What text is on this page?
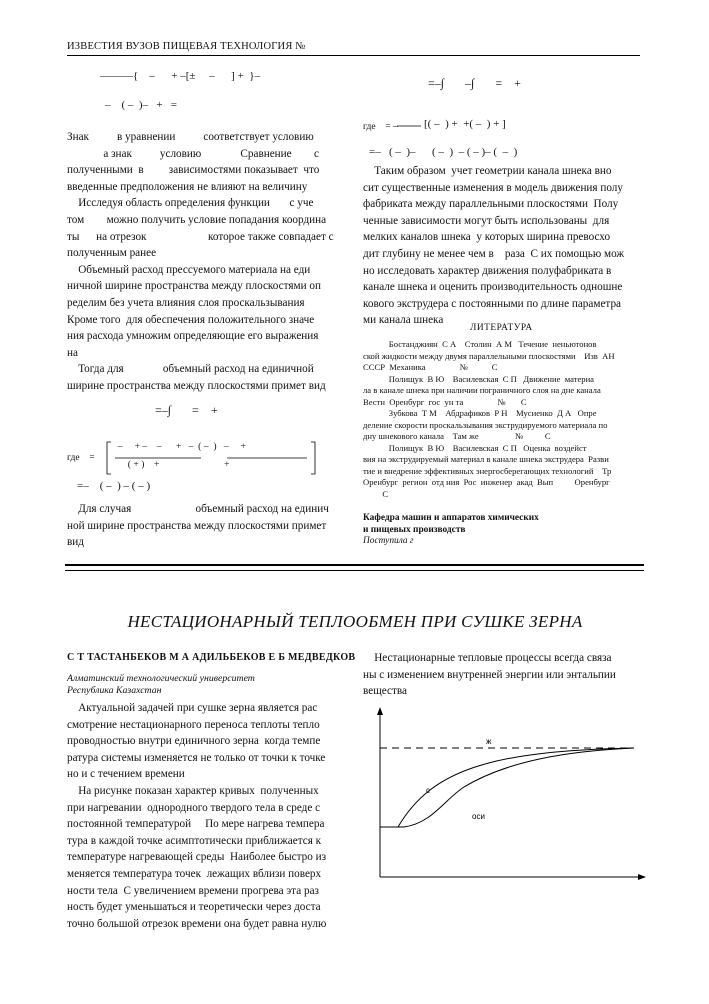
ИЗВЕСТИЯ ВУЗОВ ПИЩЕВАЯ ТЕХНОЛОГИЯ №
———{    –      + –[±     –      ] +  }–
–    ( –  )–   +   =
Знак          в уравнении          соответствует условию
а знак          условию              Сравнение        с
полученными  в         зависимостями показывает  что
введенные предположения не влияют на величину
Исследуя область определения функции       с уче
том        можно получить условие попадания координа
ты      на отрезок                      которое также совпадает с
полученным ранее
Объемный расход прессуемого материала на еди
ничной ширине пространства между плоскостями оп
ределим без учета влияния слоя проскальзывания
Кроме того  для обеспечения положительного значе
ния расхода умножим определяющие его выражения
на
Тогда для              объемный расход на единичной
ширине пространства между плоскостями примет вид
=–∫       =    +
где    =
–     + –    –      +   –  ( –  )   –     +
( + )    +                           +
=–    ( –  ) – ( – )
Для случая                       объемный расход на единич
ной ширине пространства между плоскостями примет
вид
=–∫       –∫       =    +
где    = – [( –  ) +  +( –  ) + ]
=–   ( –  )–      ( –  )  – ( – )– (  –  )
Таким образом  учет геометрии канала шнека вно
сит существенные изменения в модель движения полу
фабриката между параллельными плоскостями  Полу
ченные зависимости могут быть использованы  для
мелких каналов шнека  у которых ширина превосхо
дит глубину не менее чем в    раза  С их помощью мож
но исследовать характер движения полуфабриката в
канале шнека и оценить производительность одношне
кового экструдера с постоянными по длине параметра
ми канала шнека
ЛИТЕРАТУРА
Бостанджиян  С А    Столин  А М   Течение  неньютонов
ской жидкости между двумя параллельными плоскостями    Изв  АН
СССР  Механика                №           С
Полищук  В Ю    Василевская  С П   Движение  материа
ла в канале шнека при наличии пограничного слоя на дне канала
Вестн  Оренбург  гос  ун та                №       С
Зубкова  Т М    Абдрафиков  Р Н    Мусиенко  Д А   Опре
деление скорости проскальзывания экструдируемого материала по
дну шнекового канала    Там же                 №          С
Полищук  В Ю    Василевская  С П   Оценка  воздейст
вия на экструдируемый материал в канале шнека экструдера  Разви
тие и внедрение эффективных энергосберегающих технологий    Тр
Оренбург  регион  отд ния  Рос  инженер  акад  Вып          Оренбург
С
Кафедра машин и аппаратов химических
и пищевых производств
Поступила г
НЕСТАЦИОНАРНЫЙ ТЕПЛООБМЕН ПРИ СУШКЕ ЗЕРНА
С Т ТАСТАНБЕКОВ М А АДИЛЬБЕКОВ Е Б МЕДВЕДКОВ
Алматинский технологический университет
Республика Казахстан
Актуальной задачей при сушке зерна является рас
смотрение нестационарного переноса теплоты тепло
проводностью внутри единичного зерна  когда темпе
ратура системы изменяется не только от точки к точке
но и с течением времени
На рисунке показан характер кривых  полученных
при нагревании  однородного твердого тела в среде с
постоянной температурой     По мере нагрева темпера
тура в каждой точке асимптотически приближается к
температуре нагревающей среды  Наиболее быстро из
меняется температура точек  лежащих вблизи поверх
ности тела  С увеличением времени прогрева эта раз
ность будет уменьшаться и теоретически через доста
точно большой отрезок времени она будет равна нулю
Нестационарные тепловые процессы всегда связа
ны с изменением внутренней энергии или энтальпии
вещества
ж
с
оси
